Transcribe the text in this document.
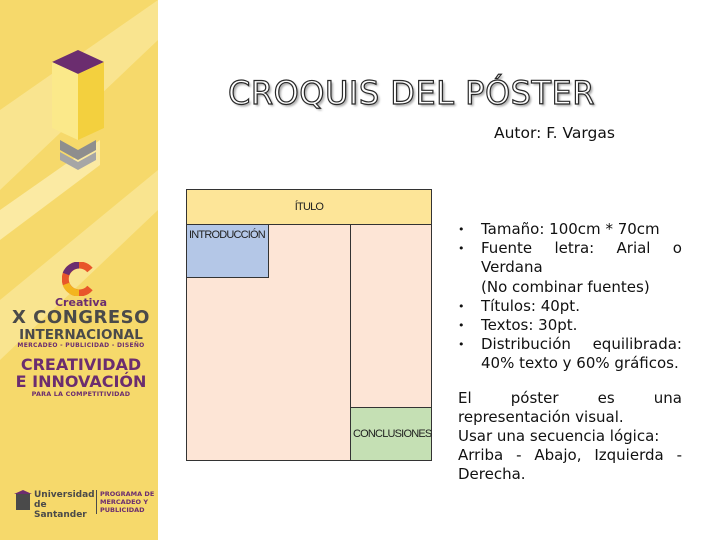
Creativa
X CONGRESO
INTERNACIONAL
MERCADEO - PUBLICIDAD - DISEÑO
CREATIVIDAD
E INNOVACIÓN
PARA LA COMPETITIVIDAD
Universidad
de Santander
PROGRAMA DE
MERCADEO Y
PUBLICIDAD
CROQUIS DEL PÓSTER
Autor: F. Vargas
ÍTULO
INTRODUCCIÓN
CONCLUSIONES
• Tamaño: 100cm * 70cm
• Fuente letra: Arial o
Verdana
(No combinar fuentes)
• Títulos: 40pt.
• Textos: 30pt.
• Distribución equilibrada:
40% texto y 60% gráficos.
El póster es una
representación visual.
Usar una secuencia lógica:
Arriba - Abajo, Izquierda -
Derecha.
